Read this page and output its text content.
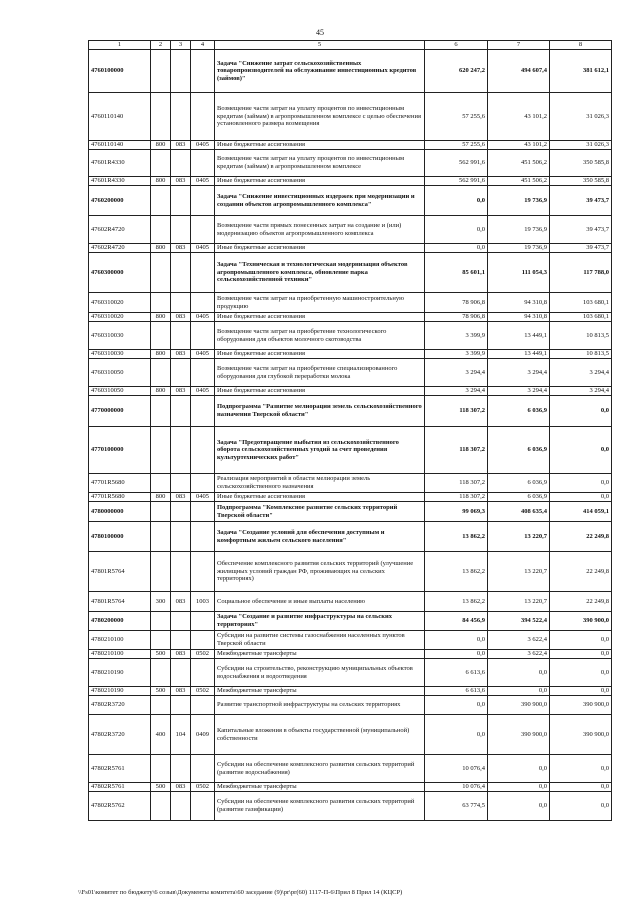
45
1	2	3	4	5	6	7	8
4760100000				Задача "Снижение затрат сельскохозяйственных товаропроизводителей на обслуживание инвестиционных кредитов (займов)"	620 247,2	494 607,4	381 612,1
4760110140				Возмещение части затрат на уплату процентов по инвестиционным кредитам (займам) в агропромышленном комплексе с целью обеспечения установленного размера возмещения	57 255,6	43 101,2	31 026,3
4760110140	800	083	0405	Иные бюджетные ассигнования	57 255,6	43 101,2	31 026,3
47601R4330				Возмещение части затрат на уплату процентов по инвестиционным кредитам (займам) в агропромышленном комплексе	562 991,6	451 506,2	350 585,8
47601R4330	800	083	0405	Иные бюджетные ассигнования	562 991,6	451 506,2	350 585,8
4760200000				Задача "Снижение инвестиционных издержек при модернизации и создании объектов агропромышленного комплекса"	0,0	19 736,9	39 473,7
47602R4720				Возмещение части прямых понесенных затрат на создание и (или) модернизацию объектов агропромышленного комплекса	0,0	19 736,9	39 473,7
47602R4720	800	083	0405	Иные бюджетные ассигнования	0,0	19 736,9	39 473,7
4760300000				Задача "Техническая и технологическая модернизация объектов агропромышленного комплекса, обновление парка сельскохозяйственной техники"	85 601,1	111 054,3	117 788,0
4760310020				Возмещение части затрат на приобретенную машиностроительную продукцию	78 906,8	94 310,8	103 680,1
4760310020	800	083	0405	Иные бюджетные ассигнования	78 906,8	94 310,8	103 680,1
4760310030				Возмещение части затрат на приобретение технологического оборудования для объектов молочного скотоводства	3 399,9	13 449,1	10 813,5
4760310030	800	083	0405	Иные бюджетные ассигнования	3 399,9	13 449,1	10 813,5
4760310050				Возмещение части затрат на приобретение специализированного оборудования для глубокой переработки молока	3 294,4	3 294,4	3 294,4
4760310050	800	083	0405	Иные бюджетные ассигнования	3 294,4	3 294,4	3 294,4
4770000000				Подпрограмма "Развитие мелиорации земель сельскохозяйственного назначения Тверской области"	118 307,2	6 036,9	0,0
4770100000				Задача "Предотвращение выбытия из сельскохозяйственного оборота сельскохозяйственных угодий за счет проведения культуртехнических работ"	118 307,2	6 036,9	0,0
47701R5680				Реализация мероприятий в области мелиорации земель сельскохозяйственного назначения	118 307,2	6 036,9	0,0
47701R5680	800	083	0405	Иные бюджетные ассигнования	118 307,2	6 036,9	0,0
4780000000				Подпрограмма "Комплексное развитие сельских территорий Тверской области"	99 069,3	408 635,4	414 059,1
4780100000				Задача "Создание условий для обеспечения доступным и комфортным жильем сельского населения"	13 862,2	13 220,7	22 249,8
47801R5764				Обеспечение комплексного развития сельских территорий (улучшение жилищных условий граждан РФ, проживающих на сельских территориях)	13 862,2	13 220,7	22 249,8
47801R5764	300	083	1003	Социальное обеспечение и иные выплаты населению	13 862,2	13 220,7	22 249,8
4780200000				Задача "Создание и развитие инфраструктуры на сельских территориях"	84 456,9	394 522,4	390 900,0
4780210100				Субсидии на развитие системы газоснабжения населенных пунктов Тверской области	0,0	3 622,4	0,0
4780210100	500	083	0502	Межбюджетные трансферты	0,0	3 622,4	0,0
4780210190				Субсидии на строительство, реконструкцию муниципальных объектов водоснабжения и водоотведения	6 613,6	0,0	0,0
4780210190	500	083	0502	Межбюджетные трансферты	6 613,6	0,0	0,0
47802R3720				Развитие транспортной инфраструктуры на сельских территориях	0,0	390 900,0	390 900,0
47802R3720	400	104	0409	Капитальные вложения в объекты государственной (муниципальной) собственности	0,0	390 900,0	390 900,0
47802R5761				Субсидии на обеспечение комплексного развития сельских территорий (развитие водоснабжения)	10 076,4	0,0	0,0
47802R5761	500	083	0502	Межбюджетные трансферты	10 076,4	0,0	0,0
47802R5762				Субсидии на обеспечение комплексного развития сельских территорий (развитие газификации)	63 774,5	0,0	0,0
\\Fs01\комитет по бюджету\6 созыв\Документы комитета\60 заседание (9)\pr\pr(60) 1117-П-6\Прил 8 Прил 14 (КЦСР)
